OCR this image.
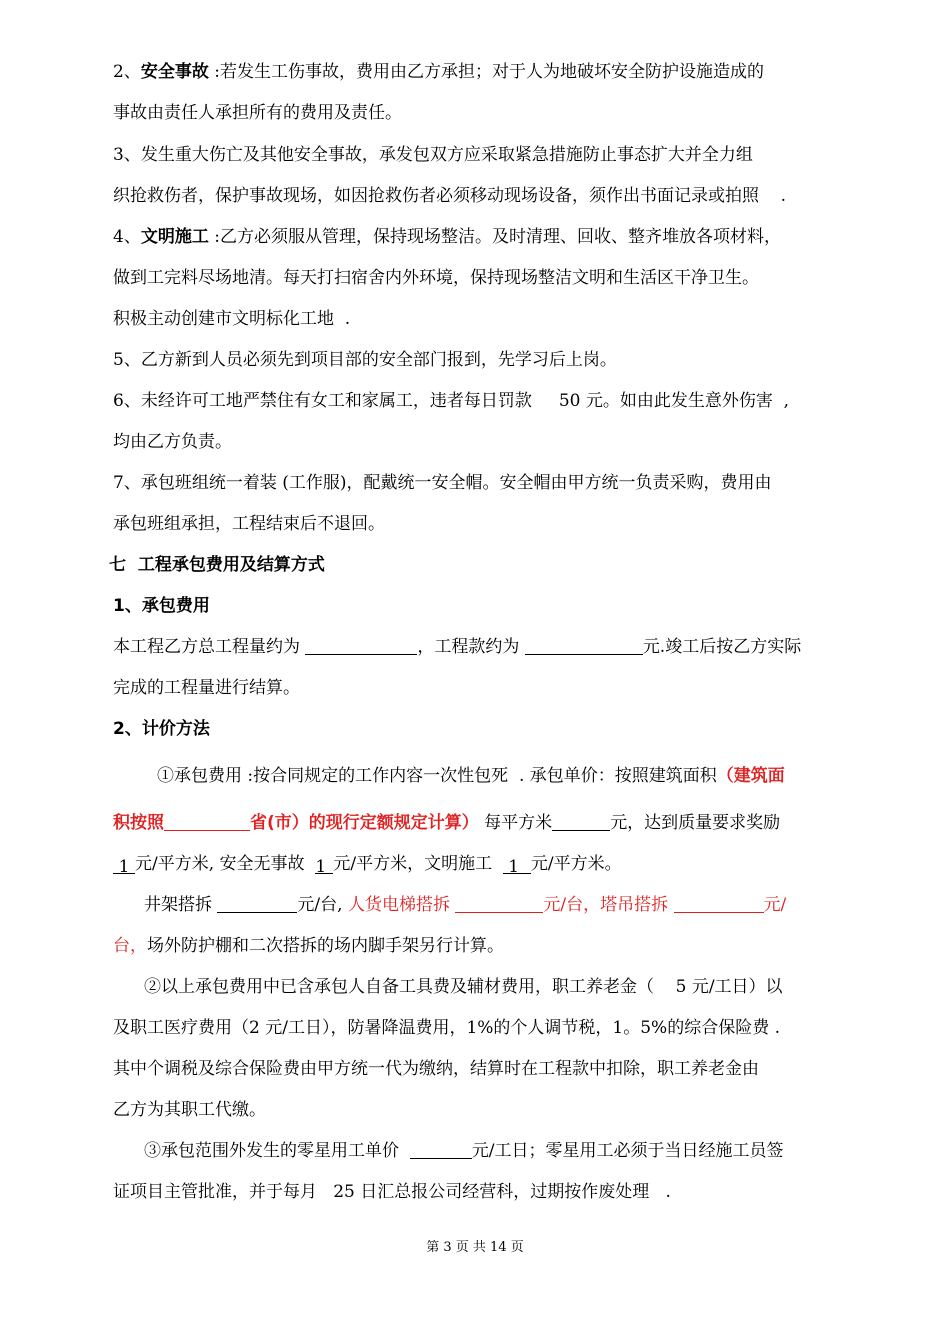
2、安全事故 :若发生工伤事故，费用由乙方承担；对于人为地破坏安全防护设施造成的
事故由责任人承担所有的费用及责任。
3、发生重大伤亡及其他安全事故，承发包双方应采取紧急措施防止事态扩大并全力组
织抢救伤者，保护事故现场，如因抢救伤者必须移动现场设备，须作出书面记录或拍照    .
4、文明施工 :乙方必须服从管理，保持现场整洁。及时清理、回收、整齐堆放各项材料，
做到工完料尽场地清。每天打扫宿舍内外环境，保持现场整洁文明和生活区干净卫生。
积极主动创建市文明标化工地  .
5、乙方新到人员必须先到项目部的安全部门报到，先学习后上岗。
6、未经许可工地严禁住有女工和家属工，违者每日罚款     50 元。如由此发生意外伤害  ,
均由乙方负责。
7、承包班组统一着装 (工作服)，配戴统一安全帽。安全帽由甲方统一负责采购，费用由
承包班组承担，工程结束后不退回。
七  工程承包费用及结算方式
1、承包费用
本工程乙方总工程量约为	，工程款约为	元.竣工后按乙方实际
完成的工程量进行结算。
2、计价方法
①承包费用 :按合同规定的工作内容一次性包死  . 承包单价：按照建筑面积（建筑面
积按照	省(市）的现行定额规定计算） 每平方米	元，达到质量要求奖励
1 元/平方米, 安全无事故  1 元/平方米，文明施工   1 元/平方米。
井架搭拆	元/台, 人货电梯搭拆	元/台，塔吊搭拆	元/
台，场外防护棚和二次搭拆的场内脚手架另行计算。
②以上承包费用中已含承包人自备工具费及辅材费用，职工养老金（    5 元/工日）以
及职工医疗费用（2 元/工日），防暑降温费用，1%的个人调节税，1。5%的综合保险费 .
其中个调税及综合保险费由甲方统一代为缴纳，结算时在工程款中扣除，职工养老金由
乙方为其职工代缴。
③承包范围外发生的零星用工单价	元/工日；零星用工必须于当日经施工员签
证项目主管批准，并于每月   25 日汇总报公司经营科，过期按作废处理   .
第 3 页 共 14 页
